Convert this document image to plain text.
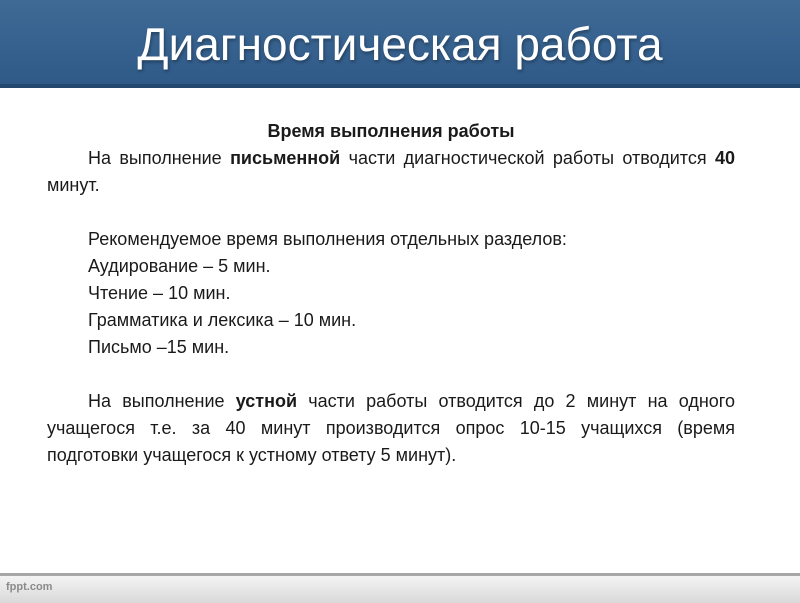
Диагностическая работа

Время выполнения работы

На выполнение письменной части диагностической работы отводится 40 минут.

Рекомендуемое время выполнения отдельных разделов:

Аудирование – 5 мин.

Чтение – 10 мин.

Грамматика и лексика – 10 мин.

Письмо –15 мин.

На выполнение устной части работы отводится до 2 минут на одного учащегося т.е. за 40 минут производится опрос 10-15 учащихся (время подготовки учащегося к устному ответу 5 минут).

fppt.com
